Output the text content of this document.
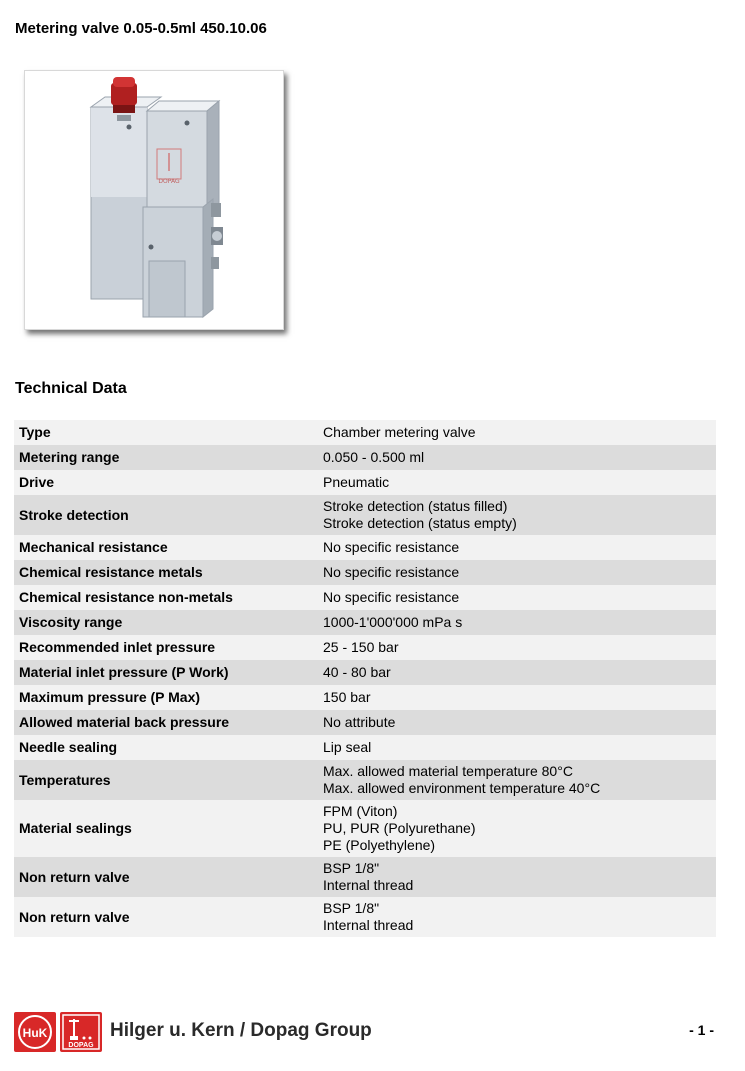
Metering valve 0.05-0.5ml 450.10.06
DOPAG
Technical Data
Type	Chamber metering valve

Metering range	0.050 - 0.500 ml

Drive	Pneumatic

Stroke detection	Stroke detection (status filled)
Stroke detection (status empty)

Mechanical resistance	No specific resistance

Chemical resistance metals	No specific resistance

Chemical resistance non-metals	No specific resistance

Viscosity range	1000-1'000'000 mPa s

Recommended inlet pressure	25 - 150 bar

Material inlet pressure (P Work)	40 - 80 bar

Maximum pressure (P Max)	150 bar

Allowed material back pressure	No attribute

Needle sealing	Lip seal

Temperatures	Max. allowed material temperature 80°C
Max. allowed environment temperature 40°C

Material sealings	FPM (Viton)
PU, PUR (Polyurethane)
PE (Polyethylene)

Non return valve	BSP 1/8"
Internal thread

Non return valve	BSP 1/8"
Internal thread
HuK
DOPAG
Hilger u. Kern / Dopag Group	- 1 -
